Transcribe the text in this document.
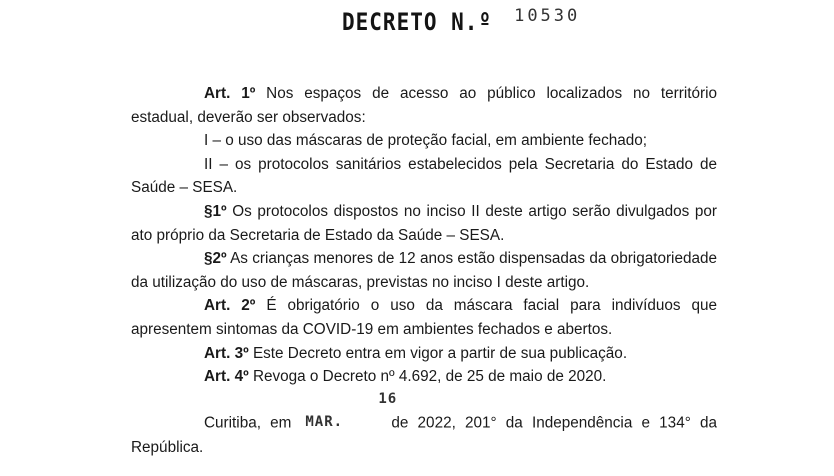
DECRETO N.º 10530

Art. 1º Nos espaços de acesso ao público localizados no território estadual, deverão ser observados:

I – o uso das máscaras de proteção facial, em ambiente fechado;

II – os protocolos sanitários estabelecidos pela Secretaria do Estado de Saúde – SESA.

§1º Os protocolos dispostos no inciso II deste artigo serão divulgados por ato próprio da Secretaria de Estado da Saúde – SESA.

§2º As crianças menores de 12 anos estão dispensadas da obrigatoriedade da utilização do uso de máscaras, previstas no inciso I deste artigo.

Art. 2º É obrigatório o uso da máscara facial para indivíduos que apresentem sintomas da COVID-19 em ambientes fechados e abertos.

Art. 3º Este Decreto entra em vigor a partir de sua publicação.

Art. 4º Revoga o Decreto nº 4.692, de 25 de maio de 2020.

Curitiba, em16 MAR.	de 2022, 201° da Independência e 134° da República.
